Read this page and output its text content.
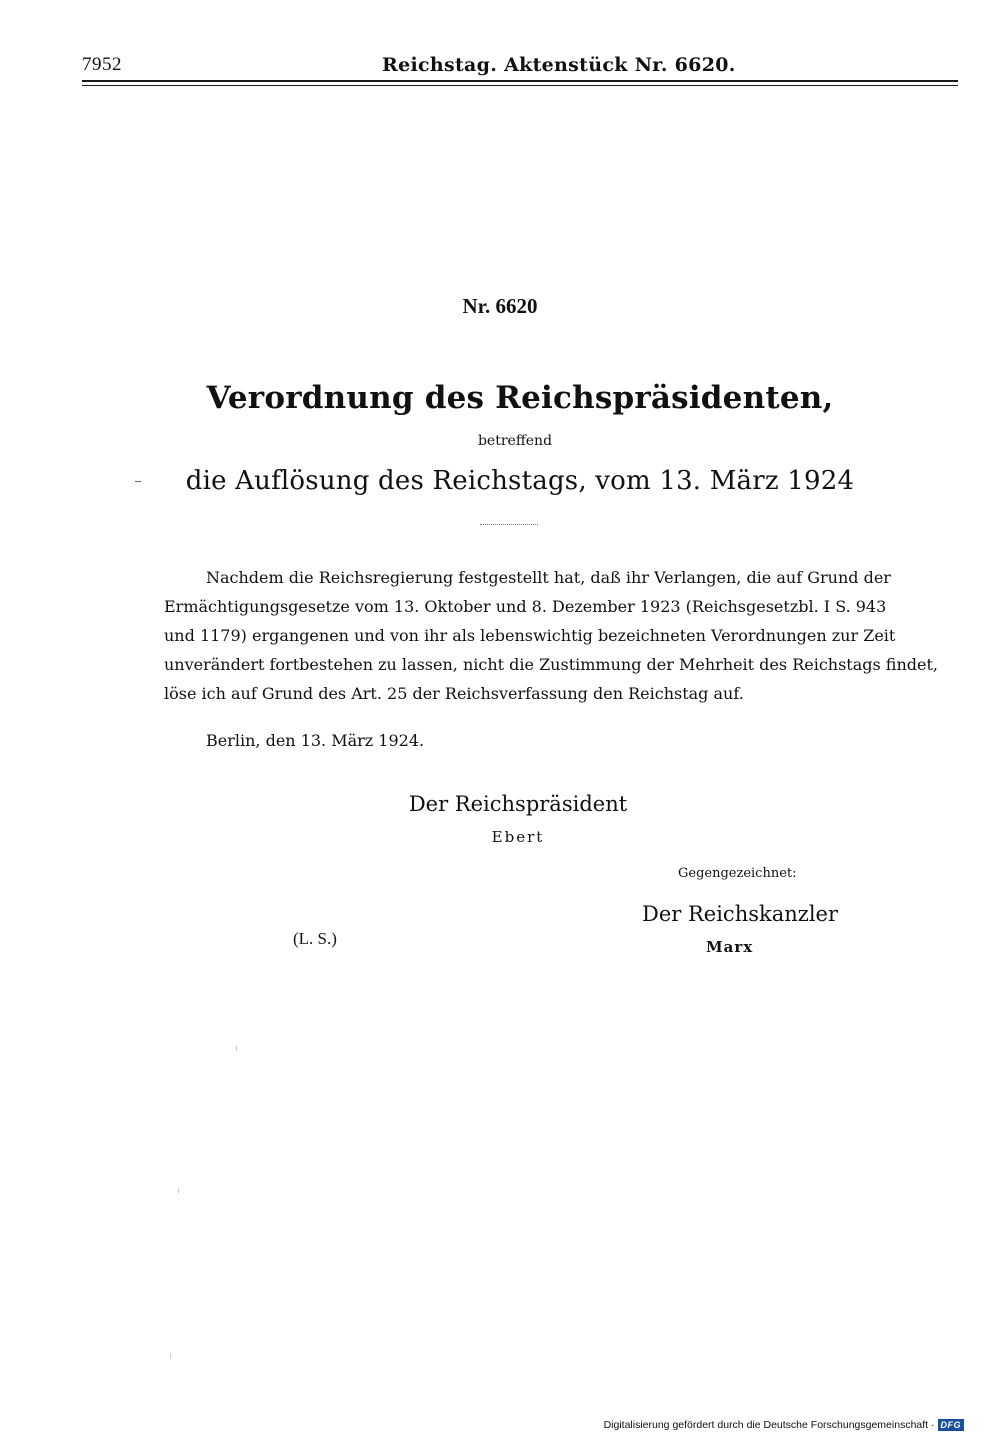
7952	Reichstag. Aktenstück Nr. 6620.
Nr. 6620
Verordnung des Reichspräsidenten,
betreffend
die Auflösung des Reichstags, vom 13. März 1924
Nachdem die Reichsregierung festgestellt hat, daß ihr Verlangen, die auf Grund der
Ermächtigungsgesetze vom 13. Oktober und 8. Dezember 1923 (Reichsgesetzbl. I S. 943
und 1179) ergangenen und von ihr als lebenswichtig bezeichneten Verordnungen zur Zeit
unverändert fortbestehen zu lassen, nicht die Zustimmung der Mehrheit des Reichstags findet,
löse ich auf Grund des Art. 25 der Reichsverfassung den Reichstag auf.
Berlin, den 13. März 1924.
Der Reichspräsident
Ebert
Gegengezeichnet:
Der Reichskanzler
Marx
(L. S.)
Digitalisierung gefördert durch die Deutsche Forschungsgemeinschaft · DFG
